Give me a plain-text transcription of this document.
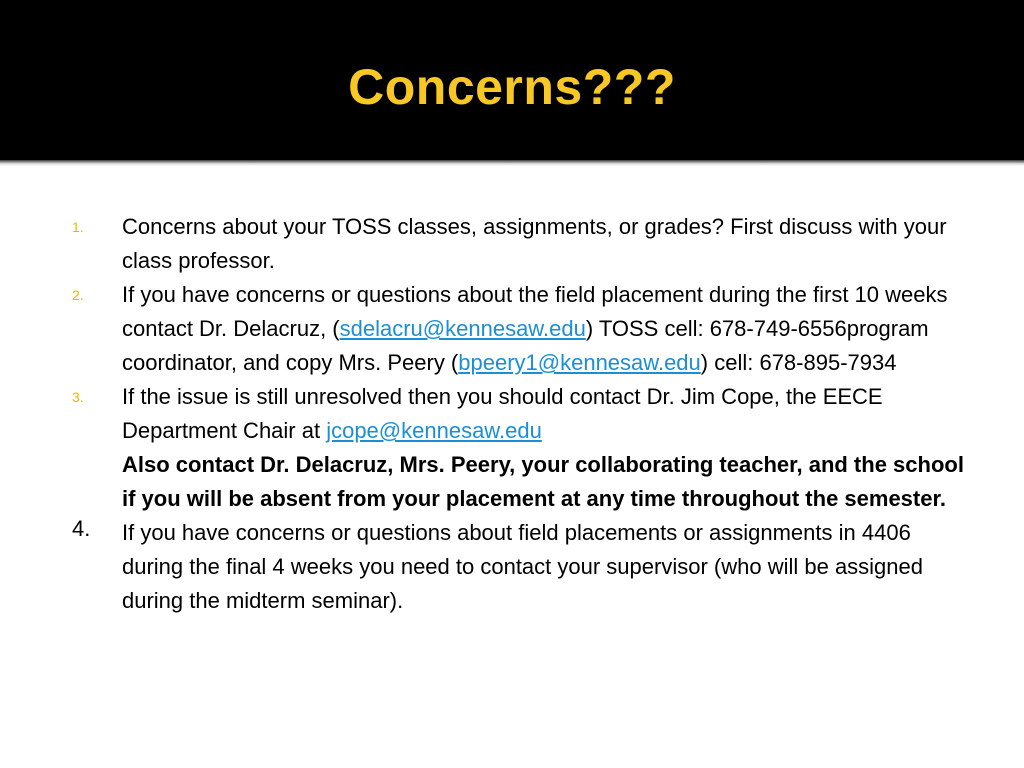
Concerns???
1.	Concerns about your TOSS classes, assignments, or grades? First discuss with your class professor.
2.	If you have concerns or questions about the field placement during the first 10 weeks contact Dr. Delacruz, (sdelacru@kennesaw.edu) TOSS cell: 678-749-6556program coordinator, and copy Mrs. Peery (bpeery1@kennesaw.edu) cell: 678-895-7934
3.	If the issue is still unresolved then you should contact Dr. Jim Cope, the EECE Department Chair at jcope@kennesaw.edu
Also contact Dr. Delacruz, Mrs. Peery, your collaborating teacher, and the school if you will be absent from your placement at any time throughout the semester.
4.	If you have concerns or questions about field placements or assignments in 4406 during the final 4 weeks you need to contact your supervisor (who will be assigned during the midterm seminar).
